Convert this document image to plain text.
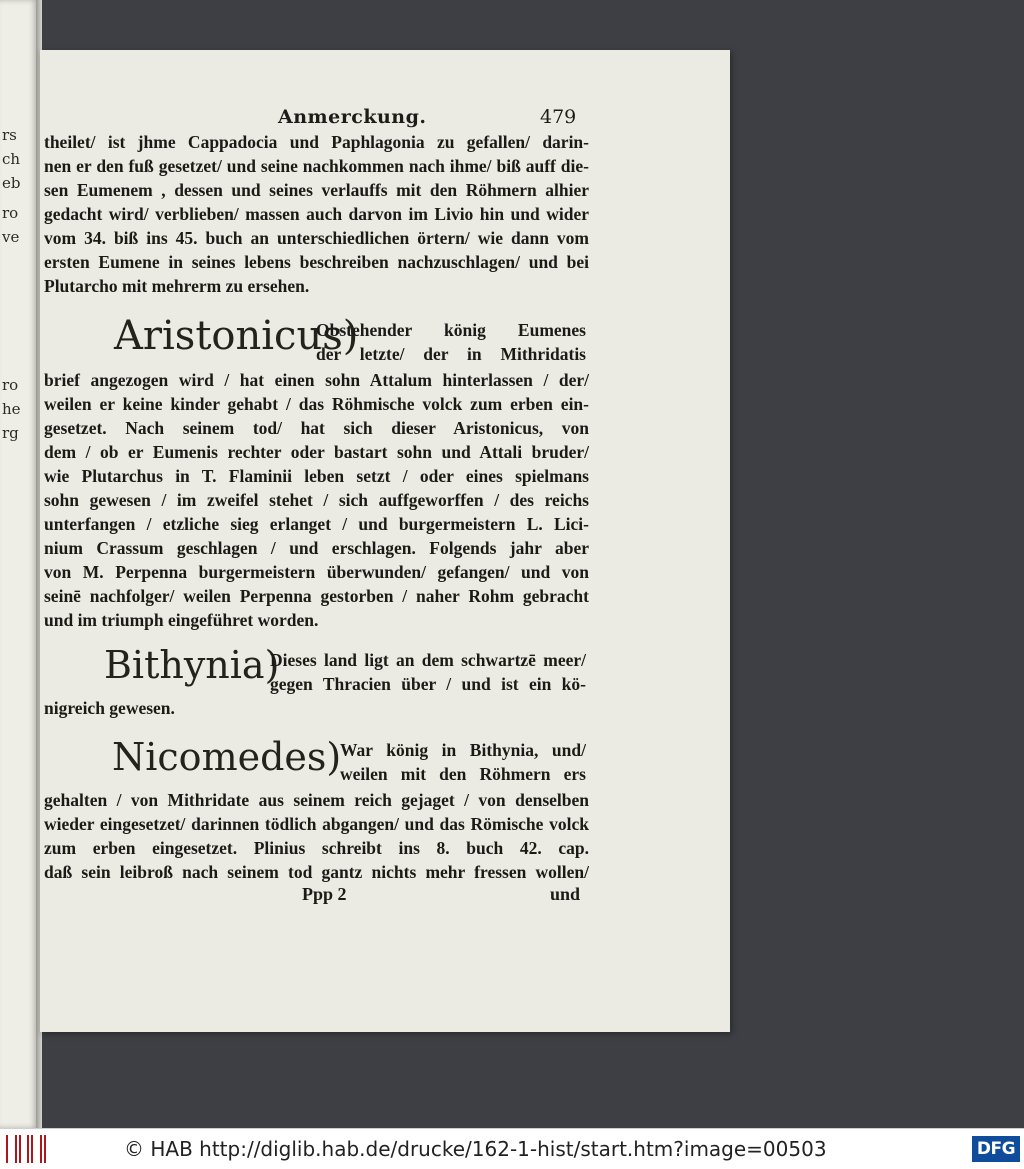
rs
ch
eb
ro
ve
ro
he
rg
Anmerckung.	479
theilet/ ist jhme Cappadocia und Paphlagonia zu gefallen/ darin-
nen er den fuß gesetzet/ und seine nachkommen nach ihme/ biß auff die-
sen Eumenem , dessen und seines verlauffs mit den Röhmern alhier
gedacht wird/ verblieben/ massen auch darvon im Livio hin und wider
vom 34. biß ins 45. buch an unterschiedlichen örtern/ wie dann vom
ersten Eumene in seines lebens beschreiben nachzuschlagen/ und bei
Plutarcho mit mehrerm zu ersehen.
Aristonicus)
Obstehender könig Eumenes
der letzte/ der in Mithridatis
brief angezogen wird / hat einen sohn Attalum hinterlassen / der/
weilen er keine kinder gehabt / das Röhmische volck zum erben ein-
gesetzet. Nach seinem tod/ hat sich dieser Aristonicus, von
dem / ob er Eumenis rechter oder bastart sohn und Attali bruder/
wie Plutarchus in T. Flaminii leben setzt / oder eines spielmans
sohn gewesen / im zweifel stehet / sich auffgeworffen / des reichs
unterfangen / etzliche sieg erlanget / und burgermeistern L. Lici-
nium Crassum geschlagen / und erschlagen. Folgends jahr aber
von M. Perpenna burgermeistern überwunden/ gefangen/ und von
seinē nachfolger/ weilen Perpenna gestorben / naher Rohm gebracht
und im triumph eingeführet worden.
Bithynia)
Dieses land ligt an dem schwartzē meer/
gegen Thracien über / und ist ein kö-
nigreich gewesen.
Nicomedes)
War könig in Bithynia, und/
weilen mit den Röhmern ers
gehalten / von Mithridate aus seinem reich gejaget / von denselben
wieder eingesetzet/ darinnen tödlich abgangen/ und das Römische volck
zum erben eingesetzet. Plinius schreibt ins 8. buch 42. cap.
daß sein leibroß nach seinem tod gantz nichts mehr fressen wollen/
Ppp 2	und
© HAB http://diglib.hab.de/drucke/162-1-hist/start.htm?image=00503	DFG
